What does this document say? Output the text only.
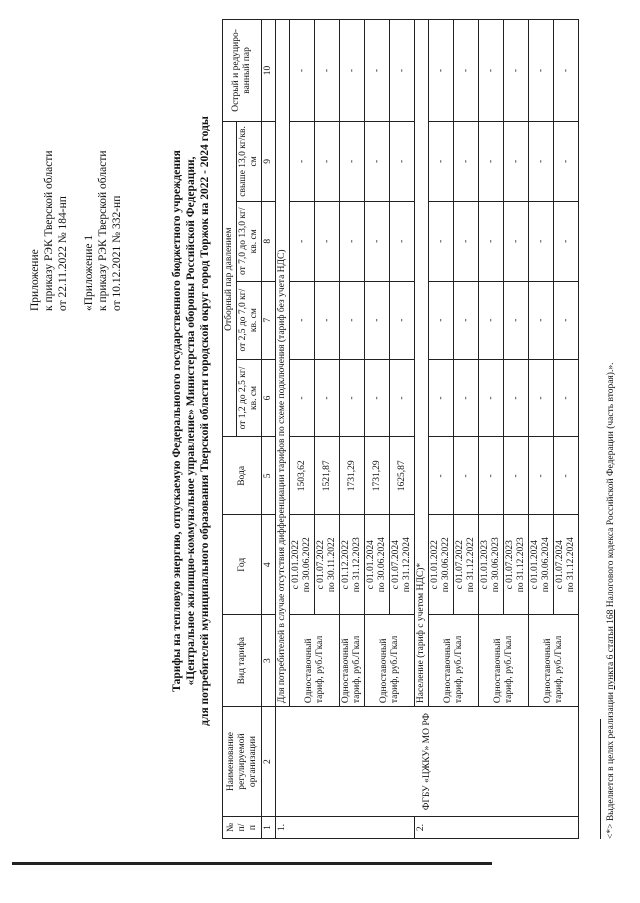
Приложение к приказу РЭК Тверской области от 22.11.2022 № 184-нп «Приложение 1 к приказу РЭК Тверской области от 10.12.2021 № 332-нп	Тарифы на тепловую энергию, отпускаемую Федеральногого государственного бюджетного учреждения «Центральное жилищно-коммунальное управление» Министерства обороны Российской Федерации, для потребителей муниципального образования Тверской области городской округ город Торжок на 2022 - 2024 годы
№ п/ п	Наименование регулируемой организации	Вид тарифа	Год	Вода	Отборный пар давлением				Острый и редуциро-ванный пар
					от 1,2 до 2,5 кг/кв. см	от 2,5 до 7,0 кг/кв. см	от 7,0 до 13,0 кг/кв. см	свыше 13,0 кг/кв. см	
1	2	3	4	5	6	7	8	9	10
1.	ФГБУ «ЦЖКУ» МО РФ	Для потребителей в случае отсутствия дифференциации тарифов по схеме подключения (тариф без учета НДС)							
		Одноставочный тариф, руб./Гкал	с 01.01.2022 по 30.06.2022	1503,62	-	-	-	-	-

			с 01.07.2022 по 30.11.2022	1521,87	-	-	-	-	-
		Одноставочный тариф, руб./Гкал	с 01.12.2022 по 31.12.2023	1731,29	-	-	-	-	-
		Одноставочный тариф, руб./Гкал	с 01.01.2024 по 30.06.2024	1731,29	-	-	-	-	-

			с 01.07.2024 по 31.12.2024	1625,87	-	-	-	-	-
2.		Население (тариф с учетом НДС)*							
		Одноставочный тариф, руб./Гкал	с 01.01.2022 по 30.06.2022	-	-	-	-	-	-

			с 01.07.2022 по 31.12.2022	-	-	-	-	-	-
		Одноставочный тариф, руб./Гкал	с 01.01.2023 по 30.06.2023	-	-	-	-	-	-

			с 01.07.2023 по 31.12.2023	-	-	-	-	-	-
		Одноставочный тариф, руб./Гкал	с 01.01.2024 по 30.06.2024	-	-	-	-	-	-

			с 01.07.2024 по 31.12.2024	-	-	-	-	-	-
<*> Выделяется в целях реализации пункта 6 статьи 168 Налогового кодекса Российской Федерации (часть вторая).».
